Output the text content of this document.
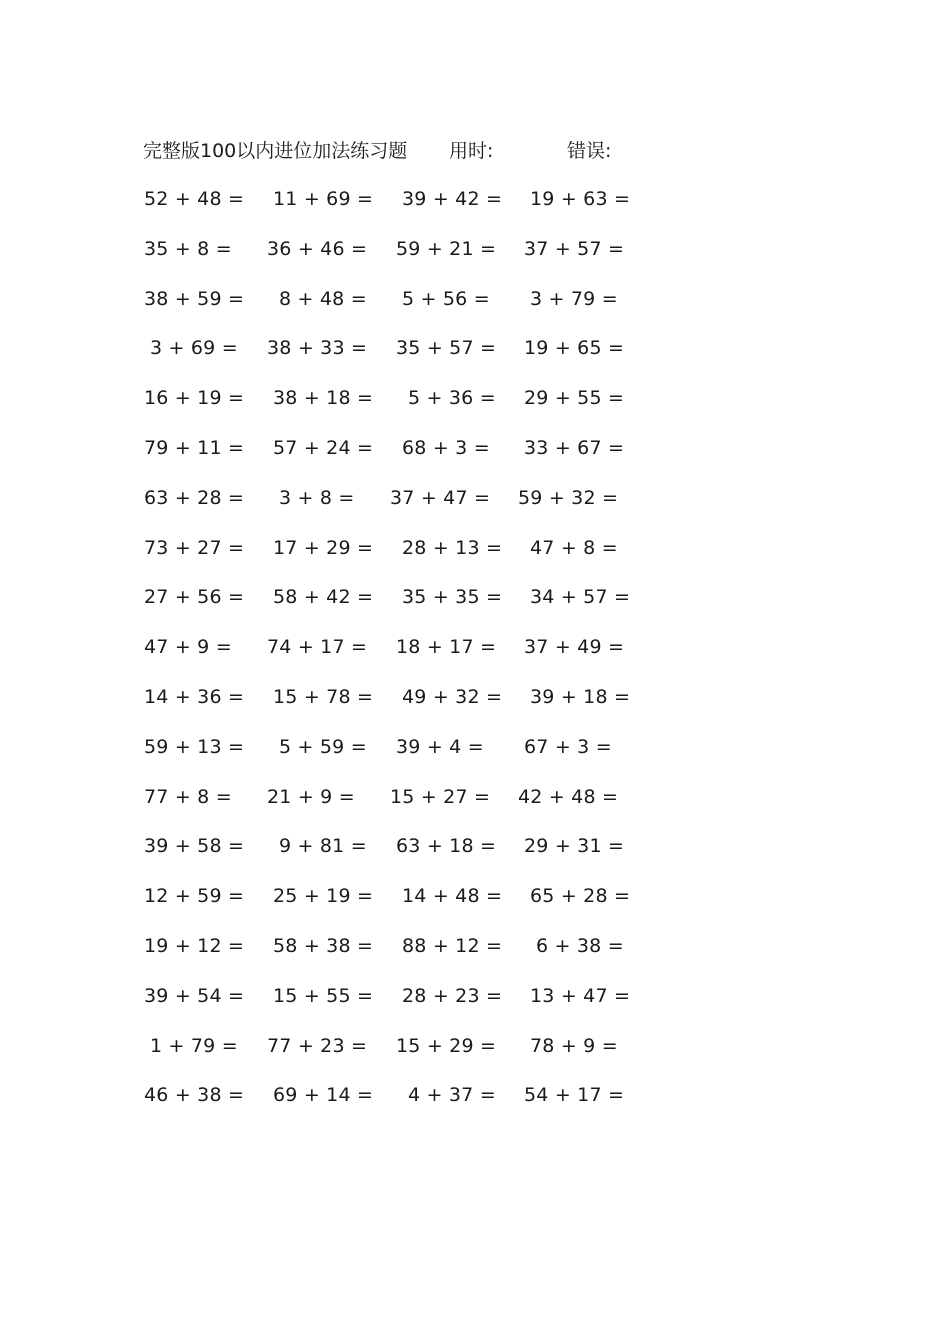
完整版100以内进位加法练习题 用时:	错误:
52 + 48 = 11 + 69 = 39 + 42 = 19 + 63 =
35 + 8 = 36 + 46 = 59 + 21 = 37 + 57 =
38 + 59 = 8 + 48 = 5 + 56 = 3 + 79 =
3 + 69 = 38 + 33 = 35 + 57 = 19 + 65 =
16 + 19 = 38 + 18 = 5 + 36 = 29 + 55 =
79 + 11 = 57 + 24 = 68 + 3 = 33 + 67 =
63 + 28 = 3 + 8 = 37 + 47 = 59 + 32 =
73 + 27 = 17 + 29 = 28 + 13 = 47 + 8 =
27 + 56 = 58 + 42 = 35 + 35 = 34 + 57 =
47 + 9 = 74 + 17 = 18 + 17 = 37 + 49 =
14 + 36 = 15 + 78 = 49 + 32 = 39 + 18 =
59 + 13 = 5 + 59 = 39 + 4 = 67 + 3 =
77 + 8 = 21 + 9 = 15 + 27 = 42 + 48 =
39 + 58 = 9 + 81 = 63 + 18 = 29 + 31 =
12 + 59 = 25 + 19 = 14 + 48 = 65 + 28 =
19 + 12 = 58 + 38 = 88 + 12 = 6 + 38 =
39 + 54 = 15 + 55 = 28 + 23 = 13 + 47 =
1 + 79 = 77 + 23 = 15 + 29 = 78 + 9 =
46 + 38 = 69 + 14 = 4 + 37 = 54 + 17 =
